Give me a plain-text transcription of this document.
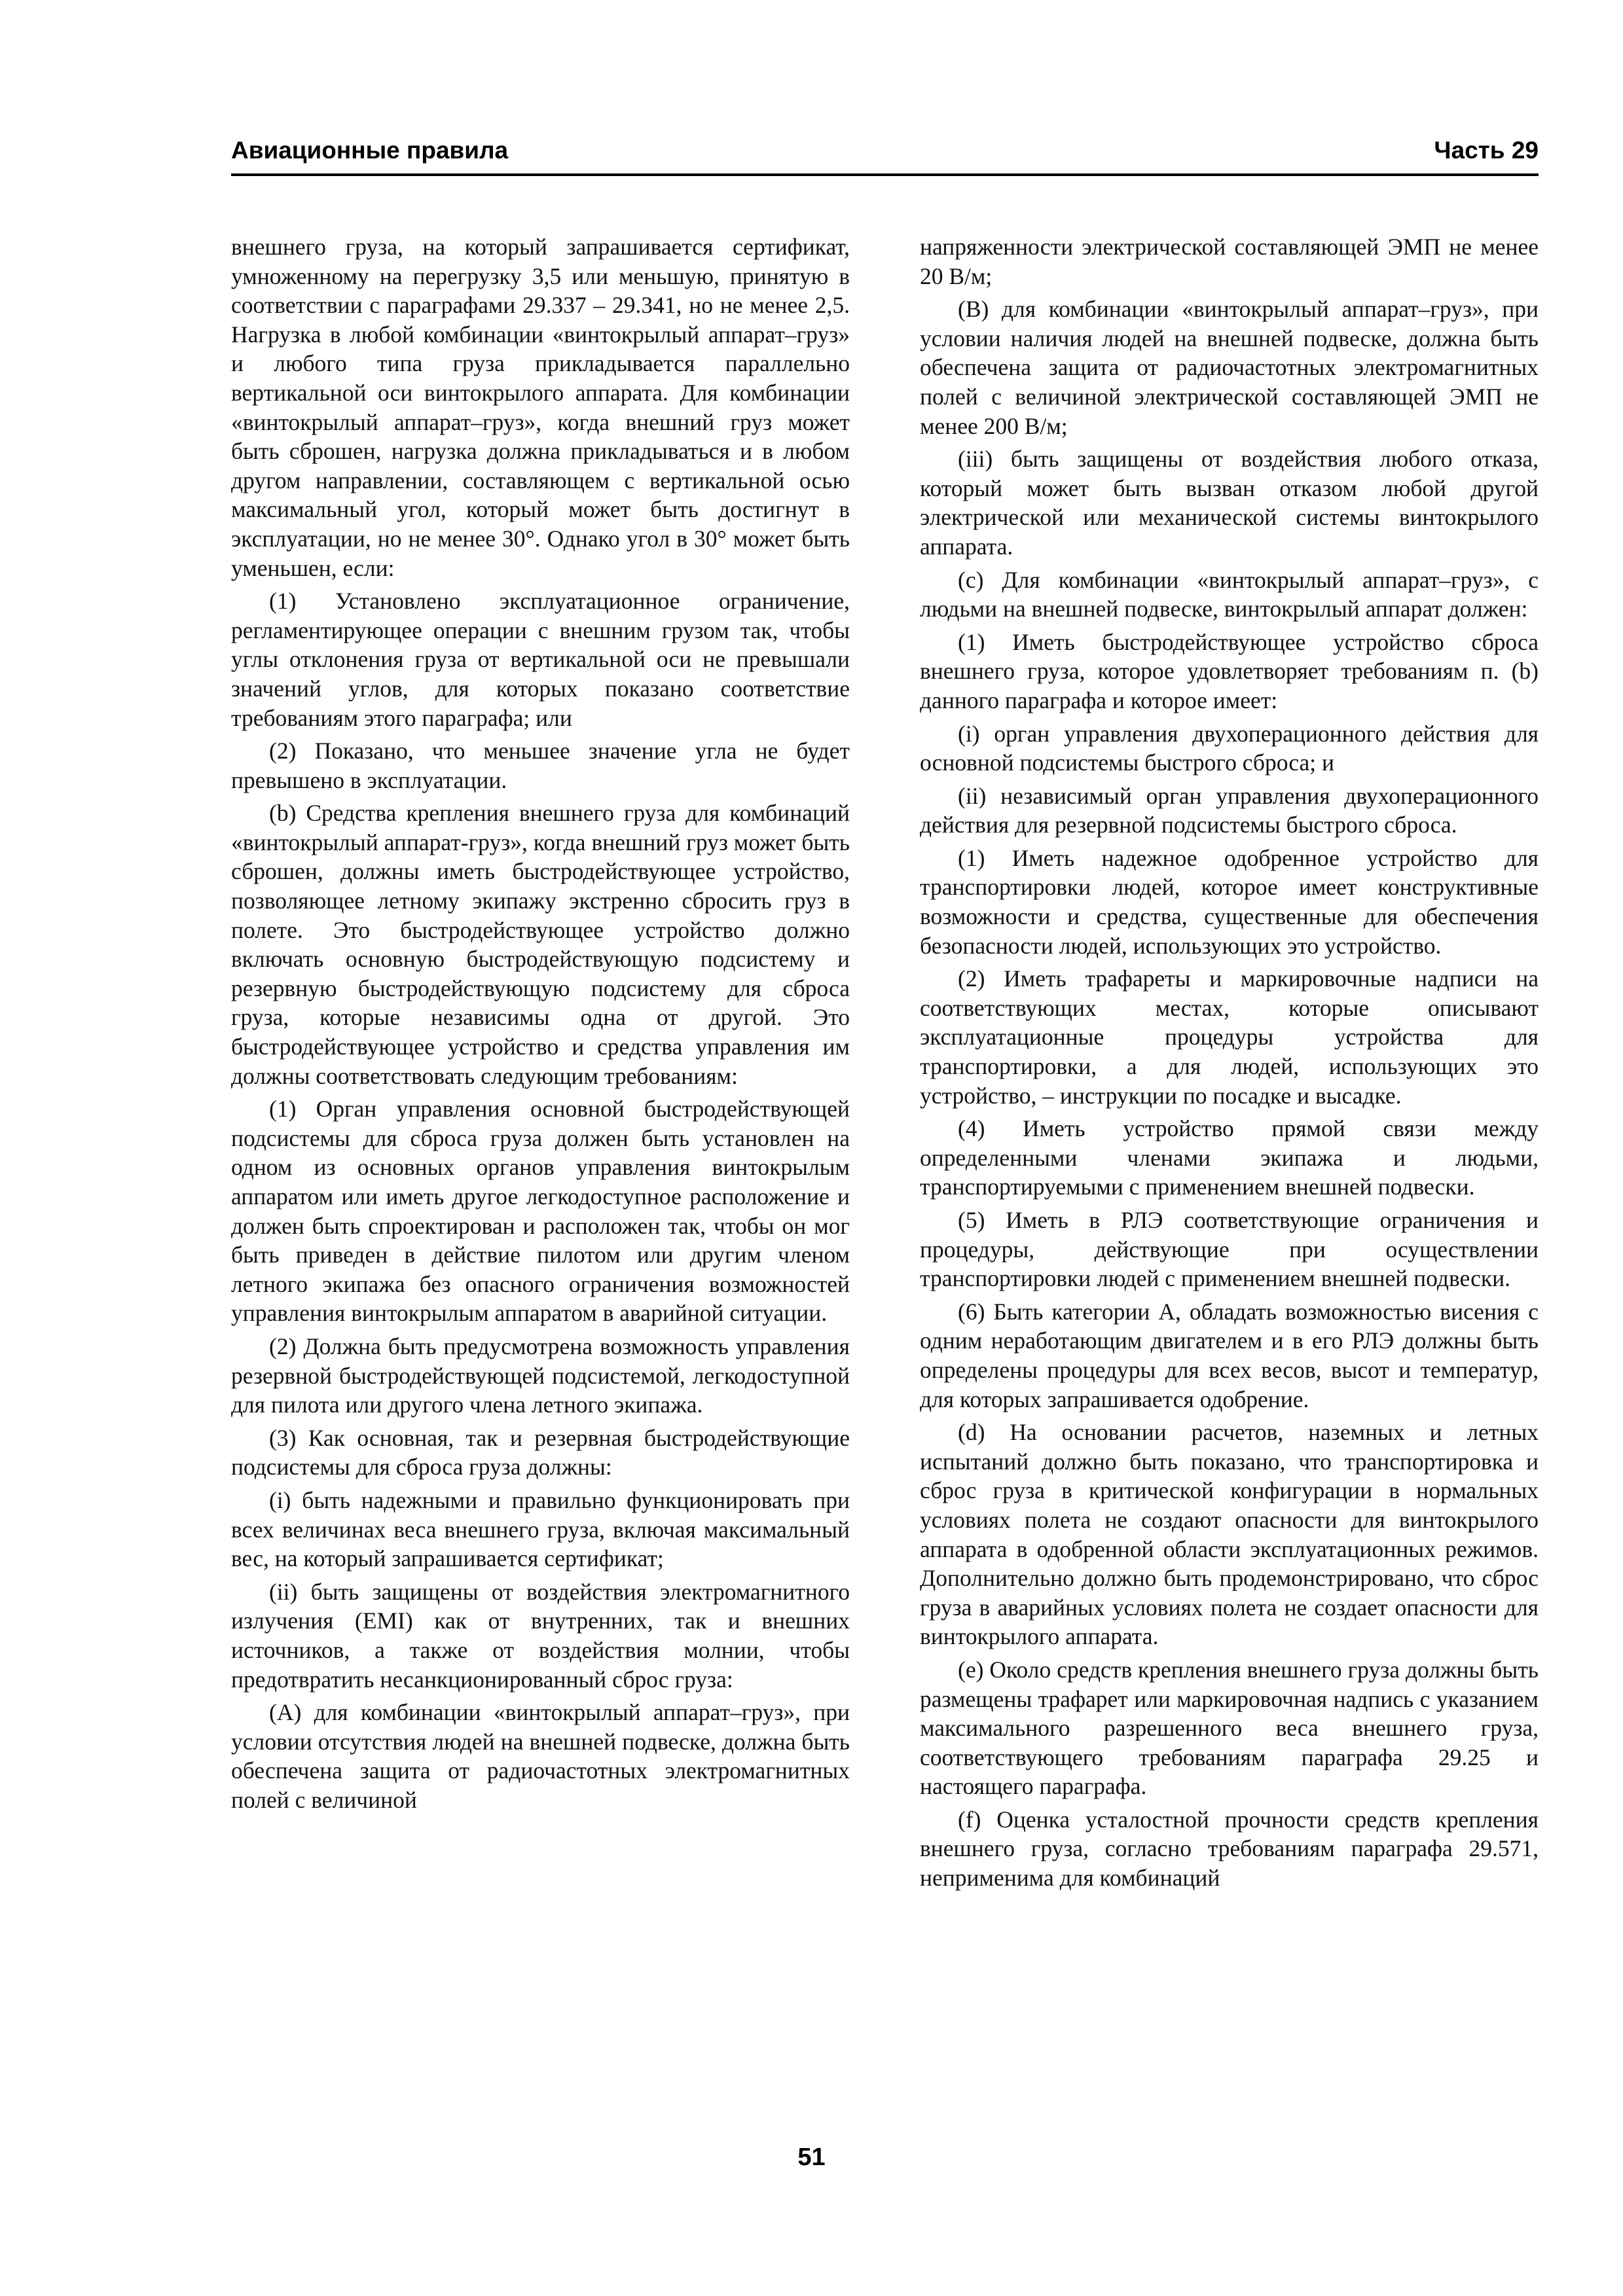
Авиационные правила	Часть 29

внешнего груза, на который запрашивается сертификат, умноженному на перегрузку 3,5 или меньшую, принятую в соответствии с параграфами 29.337 – 29.341, но не менее 2,5. Нагрузка в любой комбинации «винтокрылый аппарат–груз» и любого типа груза прикладывается параллельно вертикальной оси винтокрылого аппарата. Для комбинации «винтокрылый аппарат–груз», когда внешний груз может быть сброшен, нагрузка должна прикладываться и в любом другом направлении, составляющем с вертикальной осью максимальный угол, который может быть достигнут в эксплуатации, но не менее 30°. Однако угол в 30° может быть уменьшен, если:

(1) Установлено эксплуатационное ограничение, регламентирующее операции с внешним грузом так, чтобы углы отклонения груза от вертикальной оси не превышали значений углов, для которых показано соответствие требованиям этого параграфа; или

(2) Показано, что меньшее значение угла не будет превышено в эксплуатации.

(b) Средства крепления внешнего груза для комбинаций «винтокрылый аппарат-груз», когда внешний груз может быть сброшен, должны иметь быстродействующее устройство, позволяющее летному экипажу экстренно сбросить груз в полете. Это быстродействующее устройство должно включать основную быстродействующую подсистему и резервную быстродействующую подсистему для сброса груза, которые независимы одна от другой. Это быстродействующее устройство и средства управления им должны соответствовать следующим требованиям:

(1) Орган управления основной быстродействующей подсистемы для сброса груза должен быть установлен на одном из основных органов управления винтокрылым аппаратом или иметь другое легкодоступное расположение и должен быть спроектирован и расположен так, чтобы он мог быть приведен в действие пилотом или другим членом летного экипажа без опасного ограничения возможностей управления винтокрылым аппаратом в аварийной ситуации.

(2) Должна быть предусмотрена возможность управления резервной быстродействующей подсистемой, легкодоступной для пилота или другого члена летного экипажа.

(3) Как основная, так и резервная быстродействующие подсистемы для сброса груза должны:

(i) быть надежными и правильно функционировать при всех величинах веса внешнего груза, включая максимальный вес, на который запрашивается сертификат;

(ii) быть защищены от воздействия электромагнитного излучения (EMI) как от внутренних, так и внешних источников, а также от воздействия молнии, чтобы предотвратить несанкционированный сброс груза:

(A) для комбинации «винтокрылый аппарат–груз», при условии отсутствия людей на внешней подвеске, должна быть обеспечена защита от радиочастотных электромагнитных полей с величиной

напряженности электрической составляющей ЭМП не менее 20 В/м;

(B) для комбинации «винтокрылый аппарат–груз», при условии наличия людей на внешней подвеске, должна быть обеспечена защита от радиочастотных электромагнитных полей с величиной электрической составляющей ЭМП не менее 200 В/м;

(iii) быть защищены от воздействия любого отказа, который может быть вызван отказом любой другой электрической или механической системы винтокрылого аппарата.

(c) Для комбинации «винтокрылый аппарат–груз», с людьми на внешней подвеске, винтокрылый аппарат должен:

(1) Иметь быстродействующее устройство сброса внешнего груза, которое удовлетворяет требованиям п. (b) данного параграфа и которое имеет:

(i) орган управления двухоперационного действия для основной подсистемы быстрого сброса; и

(ii) независимый орган управления двухоперационного действия для резервной подсистемы быстрого сброса.

(1) Иметь надежное одобренное устройство для транспортировки людей, которое имеет конструктивные возможности и средства, существенные для обеспечения безопасности людей, использующих это устройство.

(2) Иметь трафареты и маркировочные надписи на соответствующих местах, которые описывают эксплуатационные процедуры устройства для транспортировки, а для людей, использующих это устройство, – инструкции по посадке и высадке.

(4) Иметь устройство прямой связи между определенными членами экипажа и людьми, транспортируемыми с применением внешней подвески.

(5) Иметь в РЛЭ соответствующие ограничения и процедуры, действующие при осуществлении транспортировки людей с применением внешней подвески.

(6) Быть категории А, обладать возможностью висения с одним неработающим двигателем и в его РЛЭ должны быть определены процедуры для всех весов, высот и температур, для которых запрашивается одобрение.

(d) На основании расчетов, наземных и летных испытаний должно быть показано, что транспортировка и сброс груза в критической конфигурации в нормальных условиях полета не создают опасности для винтокрылого аппарата в одобренной области эксплуатационных режимов. Дополнительно должно быть продемонстрировано, что сброс груза в аварийных условиях полета не создает опасности для винтокрылого аппарата.

(e) Около средств крепления внешнего груза должны быть размещены трафарет или маркировочная надпись с указанием максимального разрешенного веса внешнего груза, соответствующего требованиям параграфа 29.25 и настоящего параграфа.

(f) Оценка усталостной прочности средств крепления внешнего груза, согласно требованиям параграфа 29.571, неприменима для комбинаций

51
